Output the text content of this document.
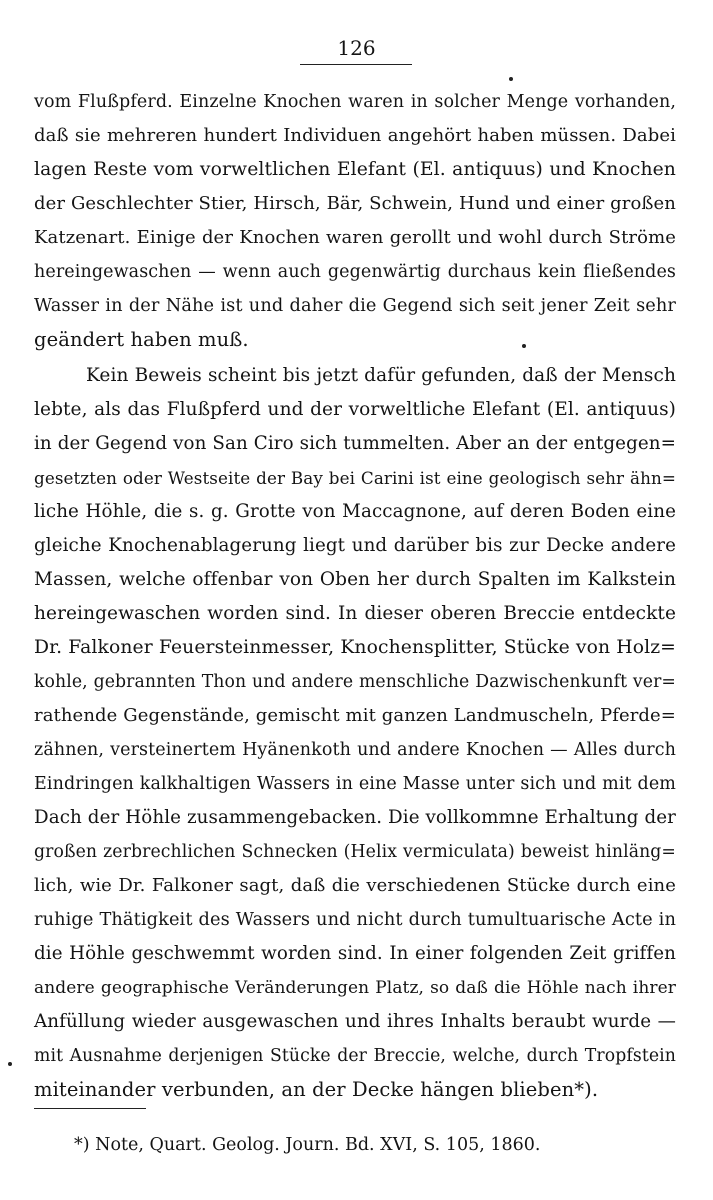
126
vom Flußpferd. Einzelne Knochen waren in solcher Menge vorhanden,
daß sie mehreren hundert Individuen angehört haben müssen. Dabei
lagen Reste vom vorweltlichen Elefant (El. antiquus) und Knochen
der Geschlechter Stier, Hirsch, Bär, Schwein, Hund und einer großen
Katzenart. Einige der Knochen waren gerollt und wohl durch Ströme
hereingewaschen — wenn auch gegenwärtig durchaus kein fließendes
Wasser in der Nähe ist und daher die Gegend sich seit jener Zeit sehr
geändert haben muß.
Kein Beweis scheint bis jetzt dafür gefunden, daß der Mensch
lebte, als das Flußpferd und der vorweltliche Elefant (El. antiquus)
in der Gegend von San Ciro sich tummelten. Aber an der entgegen=
gesetzten oder Westseite der Bay bei Carini ist eine geologisch sehr ähn=
liche Höhle, die s. g. Grotte von Maccagnone, auf deren Boden eine
gleiche Knochenablagerung liegt und darüber bis zur Decke andere
Massen, welche offenbar von Oben her durch Spalten im Kalkstein
hereingewaschen worden sind. In dieser oberen Breccie entdeckte
Dr. Falkoner Feuersteinmesser, Knochensplitter, Stücke von Holz=
kohle, gebrannten Thon und andere menschliche Dazwischenkunft ver=
rathende Gegenstände, gemischt mit ganzen Landmuscheln, Pferde=
zähnen, versteinertem Hyänenkoth und andere Knochen — Alles durch
Eindringen kalkhaltigen Wassers in eine Masse unter sich und mit dem
Dach der Höhle zusammengebacken. Die vollkommne Erhaltung der
großen zerbrechlichen Schnecken (Helix vermiculata) beweist hinläng=
lich, wie Dr. Falkoner sagt, daß die verschiedenen Stücke durch eine
ruhige Thätigkeit des Wassers und nicht durch tumultuarische Acte in
die Höhle geschwemmt worden sind. In einer folgenden Zeit griffen
andere geographische Veränderungen Platz, so daß die Höhle nach ihrer
Anfüllung wieder ausgewaschen und ihres Inhalts beraubt wurde —
mit Ausnahme derjenigen Stücke der Breccie, welche, durch Tropfstein
miteinander verbunden, an der Decke hängen blieben*).
*) Note, Quart. Geolog. Journ. Bd. XVI, S. 105, 1860.
